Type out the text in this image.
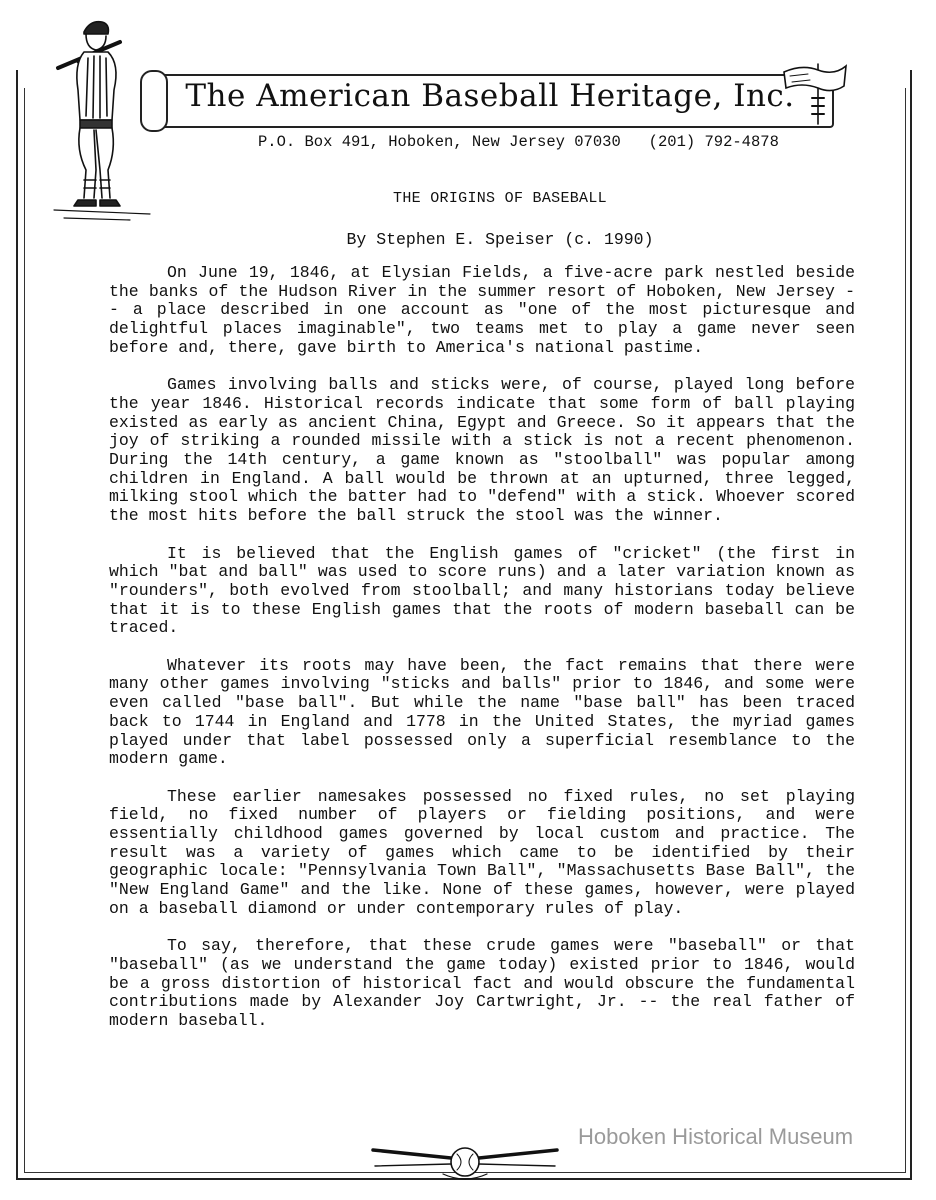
The American Baseball Heritage, Inc.
P.O. Box 491, Hoboken, New Jersey 07030 (201) 792-4878
THE ORIGINS OF BASEBALL
By Stephen E. Speiser (c. 1990)

On June 19, 1846, at Elysian Fields, a five-acre park nestled beside the banks of the Hudson River in the summer resort of Hoboken, New Jersey -- a place described in one account as "one of the most picturesque and delightful places imaginable", two teams met to play a game never seen before and, there, gave birth to America's national pastime.

Games involving balls and sticks were, of course, played long before the year 1846. Historical records indicate that some form of ball playing existed as early as ancient China, Egypt and Greece. So it appears that the joy of striking a rounded missile with a stick is not a recent phenomenon. During the 14th century, a game known as "stoolball" was popular among children in England. A ball would be thrown at an upturned, three legged, milking stool which the batter had to "defend" with a stick. Whoever scored the most hits before the ball struck the stool was the winner.

It is believed that the English games of "cricket" (the first in which "bat and ball" was used to score runs) and a later variation known as "rounders", both evolved from stoolball; and many historians today believe that it is to these English games that the roots of modern baseball can be traced.

Whatever its roots may have been, the fact remains that there were many other games involving "sticks and balls" prior to 1846, and some were even called "base ball". But while the name "base ball" has been traced back to 1744 in England and 1778 in the United States, the myriad games played under that label possessed only a superficial resemblance to the modern game.

These earlier namesakes possessed no fixed rules, no set playing field, no fixed number of players or fielding positions, and were essentially childhood games governed by local custom and practice. The result was a variety of games which came to be identified by their geographic locale: "Pennsylvania Town Ball", "Massachusetts Base Ball", the "New England Game" and the like. None of these games, however, were played on a baseball diamond or under contemporary rules of play.

To say, therefore, that these crude games were "baseball" or that "baseball" (as we understand the game today) existed prior to 1846, would be a gross distortion of historical fact and would obscure the fundamental contributions made by Alexander Joy Cartwright, Jr. -- the real father of modern baseball.

Hoboken Historical Museum
